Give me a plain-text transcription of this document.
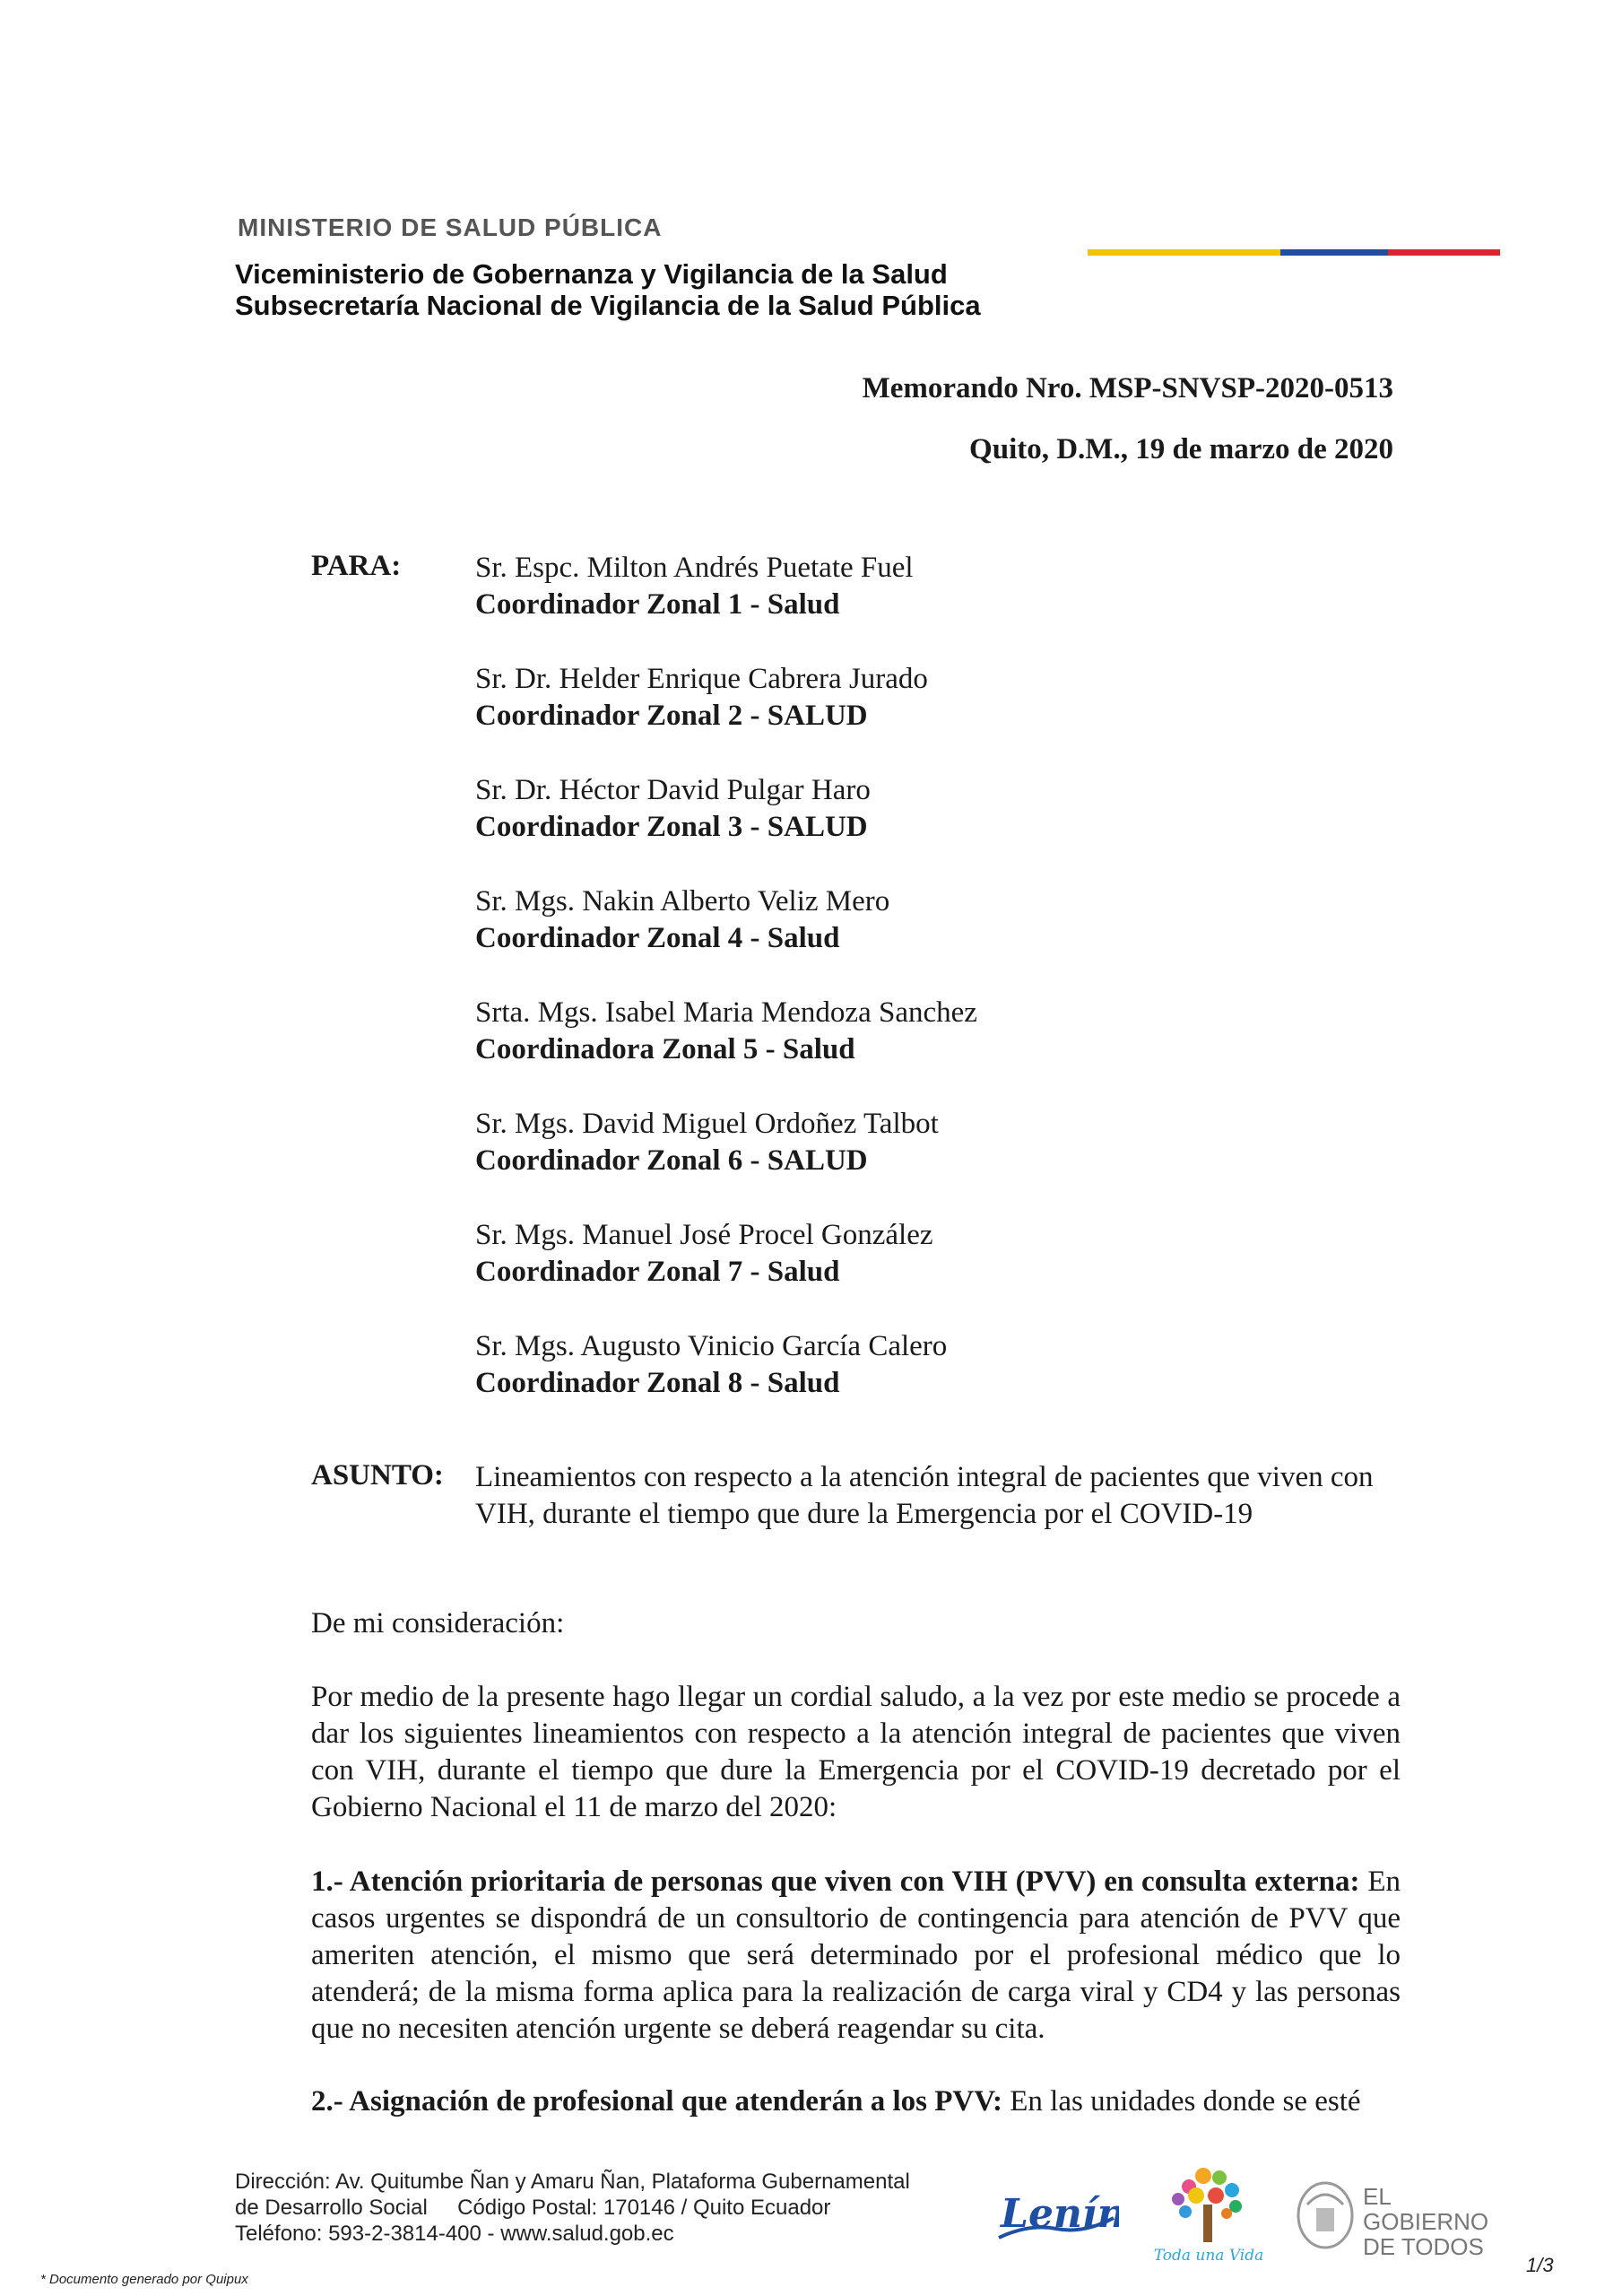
MINISTERIO DE SALUD PÚBLICA
Viceministerio de Gobernanza y Vigilancia de la Salud
Subsecretaría Nacional de Vigilancia de la Salud Pública
Memorando Nro. MSP-SNVSP-2020-0513
Quito, D.M., 19 de marzo de 2020
PARA:	Sr. Espc. Milton Andrés Puetate Fuel
Coordinador Zonal 1 - Salud
Sr. Dr. Helder Enrique Cabrera Jurado
Coordinador Zonal 2 - SALUD
Sr. Dr. Héctor David Pulgar Haro
Coordinador Zonal 3 - SALUD
Sr. Mgs. Nakin Alberto Veliz Mero
Coordinador Zonal 4 - Salud
Srta. Mgs. Isabel Maria Mendoza Sanchez
Coordinadora Zonal 5 - Salud
Sr. Mgs. David Miguel Ordoñez Talbot
Coordinador Zonal 6 - SALUD
Sr. Mgs. Manuel José Procel González
Coordinador Zonal 7 - Salud
Sr. Mgs. Augusto Vinicio García Calero
Coordinador Zonal 8 - Salud
ASUNTO: Lineamientos con respecto a la atención integral de pacientes que viven con VIH, durante el tiempo que dure la Emergencia por el COVID-19
De mi consideración:
Por medio de la presente hago llegar un cordial saludo, a la vez por este medio se procede a dar los siguientes lineamientos con respecto a la atención integral de pacientes que viven con VIH, durante el tiempo que dure la Emergencia por el COVID-19 decretado por el Gobierno Nacional el 11 de marzo del 2020:
1.- Atención prioritaria de personas que viven con VIH (PVV) en consulta externa: En casos urgentes se dispondrá de un consultorio de contingencia para atención de PVV que ameriten atención, el mismo que será determinado por el profesional médico que lo atenderá; de la misma forma aplica para la realización de carga viral y CD4 y las personas que no necesiten atención urgente se deberá reagendar su cita.
2.- Asignación de profesional que atenderán a los PVV: En las unidades donde se esté
Dirección: Av. Quitumbe Ñan y Amaru Ñan, Plataforma Gubernamental
de Desarrollo Social     Código Postal: 170146 / Quito Ecuador
Teléfono: 593-2-3814-400 - www.salud.gob.ec	Lenín
Toda una Vida
EL
GOBIERNO
DE TODOS
* Documento generado por Quipux
1/3
